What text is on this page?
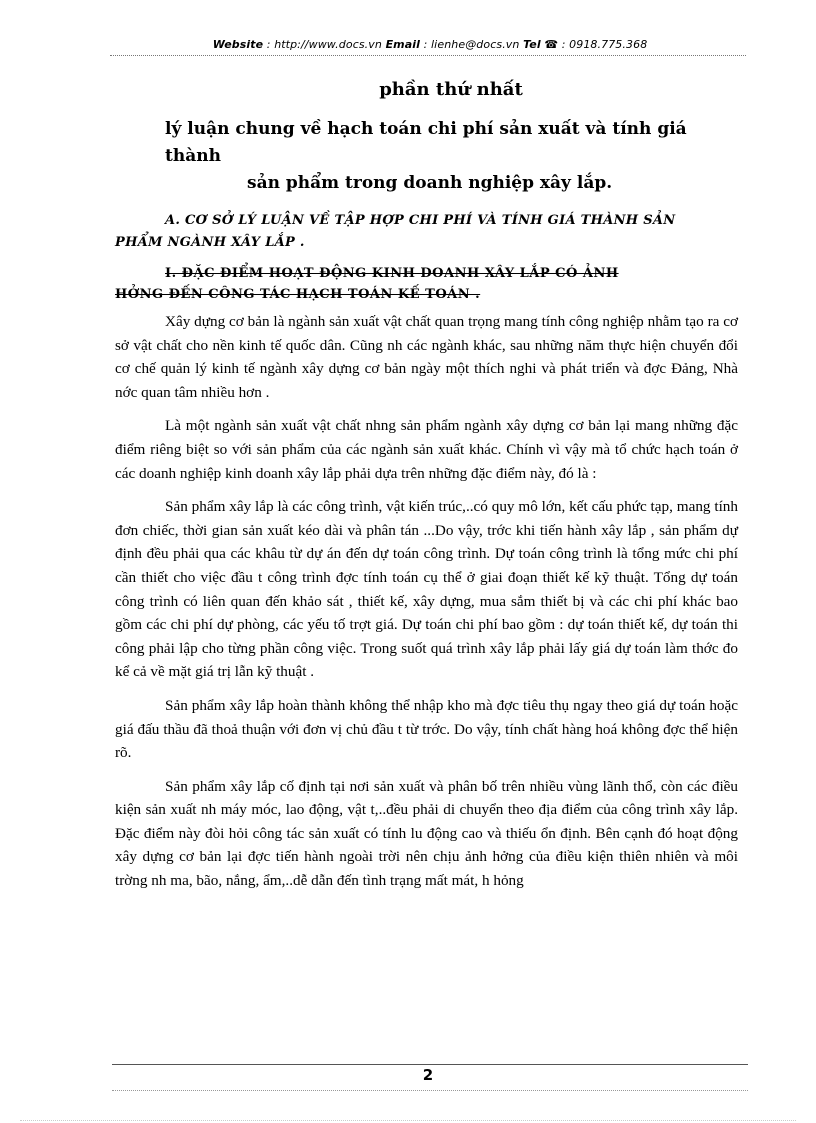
Website : http://www.docs.vn Email : lienhe@docs.vn Tel ☎ : 0918.775.368
phần thứ nhất
lý luận chung về hạch toán chi phí sản xuất và tính giá thành
sản phẩm trong doanh nghiệp xây lắp.
A. CƠ SỞ LÝ LUẬN VỀ TẬP HỢP CHI PHÍ VÀ TÍNH GIÁ THÀNH SẢN
PHẨM NGÀNH XÂY LẮP .
I. ĐẶC ĐIỂM HOẠT ĐỘNG KINH DOANH XÂY LẮP CÓ ẢNH
HỞNG ĐẾN CÔNG TÁC HẠCH TOÁN KẾ TOÁN .

Xây dựng cơ bản là ngành sản xuất vật chất quan trọng mang tính công nghiệp nhằm tạo ra cơ sở vật chất cho nền kinh tế quốc dân. Cũng nh các ngành khác, sau những năm thực hiện chuyển đổi cơ chế quản lý kinh tế ngành xây dựng cơ bản ngày một thích nghi và phát triển và đợc Đảng, Nhà nớc quan tâm nhiều hơn .

Là một ngành sản xuất vật chất nhng sản phẩm ngành xây dựng cơ bản lại mang những đặc điểm riêng biệt so với sản phẩm của các ngành sản xuất khác. Chính vì vậy mà tổ chức hạch toán ở các doanh nghiệp kinh doanh xây lắp phải dựa trên những đặc điểm này, đó là :

Sản phẩm xây lắp là các công trình, vật kiến trúc,..có quy mô lớn, kết cấu phức tạp, mang tính đơn chiếc, thời gian sản xuất kéo dài và phân tán ...Do vậy, trớc khi tiến hành xây lắp , sản phẩm dự định đều phải qua các khâu từ dự án đến dự toán công trình. Dự toán công trình là tổng mức chi phí cần thiết cho việc đầu t công trình đợc tính toán cụ thể ở giai đoạn thiết kế kỹ thuật. Tổng dự toán công trình có liên quan đến khảo sát , thiết kế, xây dựng, mua sắm thiết bị và các chi phí khác bao gồm các chi phí dự phòng, các yếu tố trợt giá. Dự toán chi phí bao gồm : dự toán thiết kế, dự toán thi công phải lập cho từng phần công việc. Trong suốt quá trình xây lắp phải lấy giá dự toán làm thớc đo kể cả về mặt giá trị lẫn kỹ thuật .

Sản phẩm xây lắp hoàn thành không thể nhập kho mà đợc tiêu thụ ngay theo giá dự toán hoặc giá đấu thầu đã thoả thuận với đơn vị chủ đầu t từ trớc. Do vậy, tính chất hàng hoá không đợc thể hiện rõ.

Sản phẩm xây lắp cố định tại nơi sản xuất và phân bố trên nhiều vùng lãnh thổ, còn các điều kiện sản xuất nh máy móc, lao động, vật t,..đều phải di chuyển theo địa điểm của công trình xây lắp. Đặc điểm này đòi hỏi công tác sản xuất có tính lu động cao và thiếu ổn định. Bên cạnh đó hoạt động xây dựng cơ bản lại đợc tiến hành ngoài trời nên chịu ảnh hởng của điều kiện thiên nhiên và môi trờng nh ma, bão, nắng, ẩm,..dễ dẫn đến tình trạng mất mát, h hỏng

2
